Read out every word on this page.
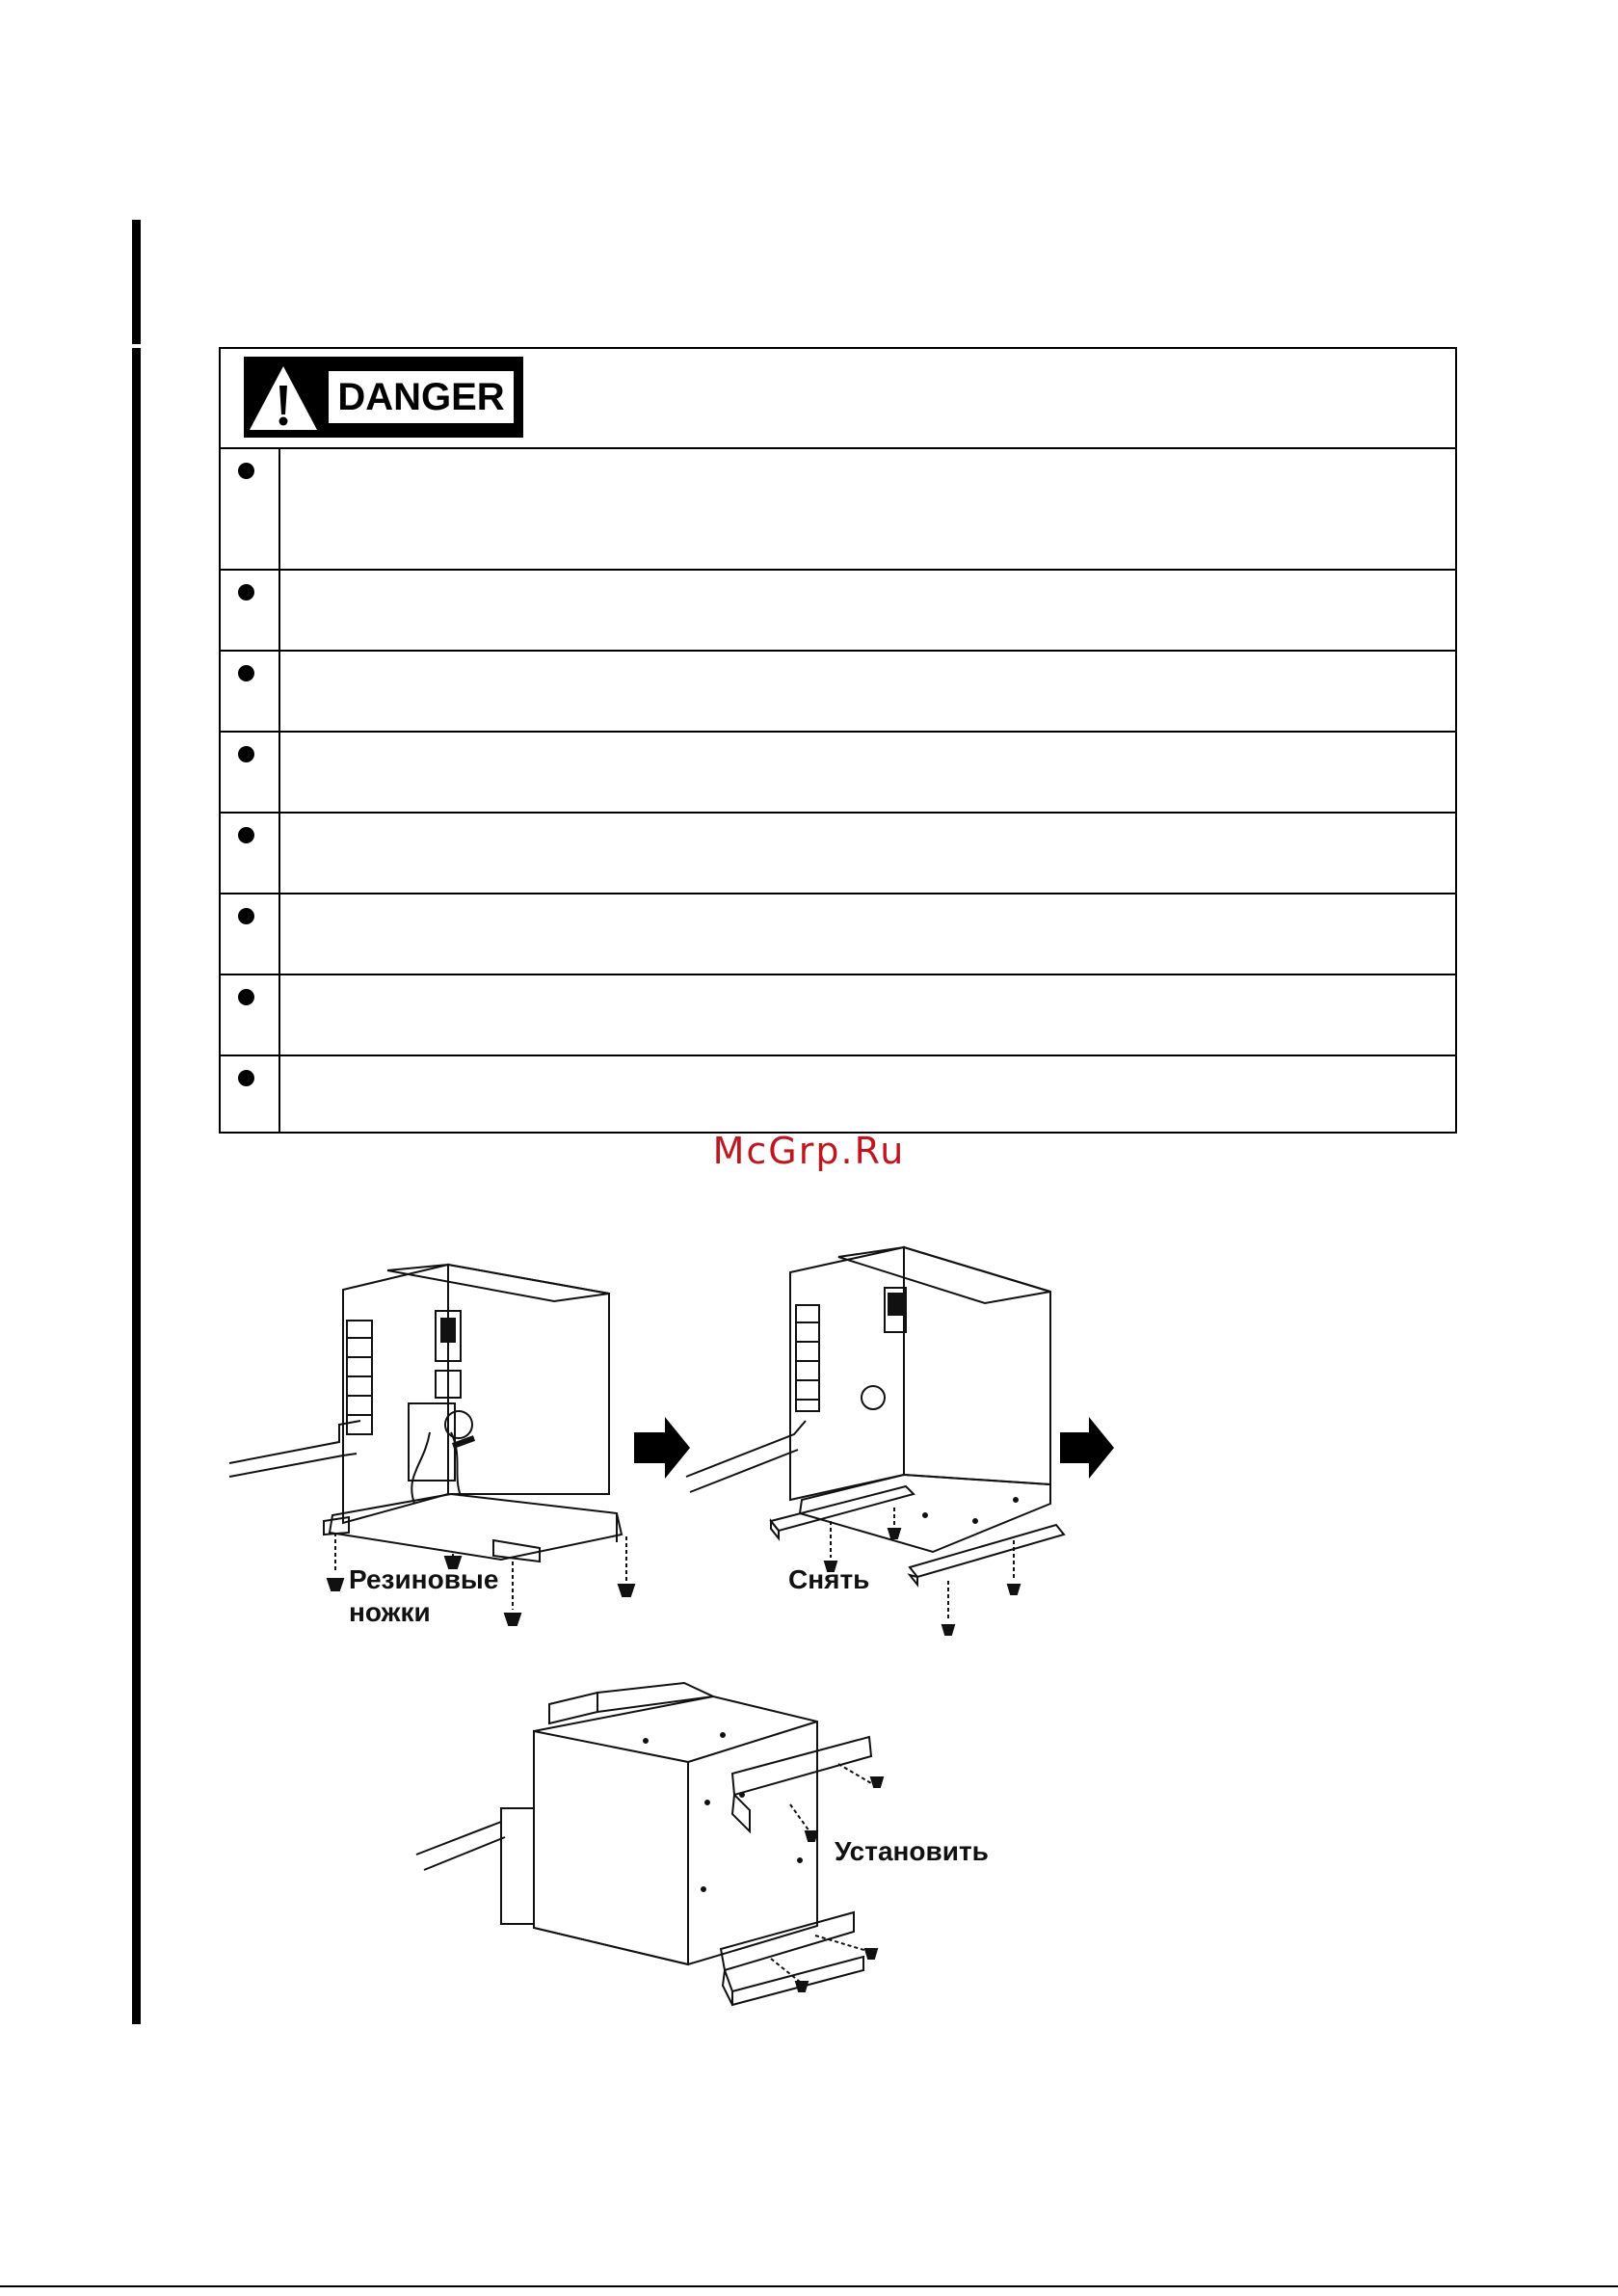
DANGER
McGrp.Ru
Резиновые
ножки
Снять
Установить
